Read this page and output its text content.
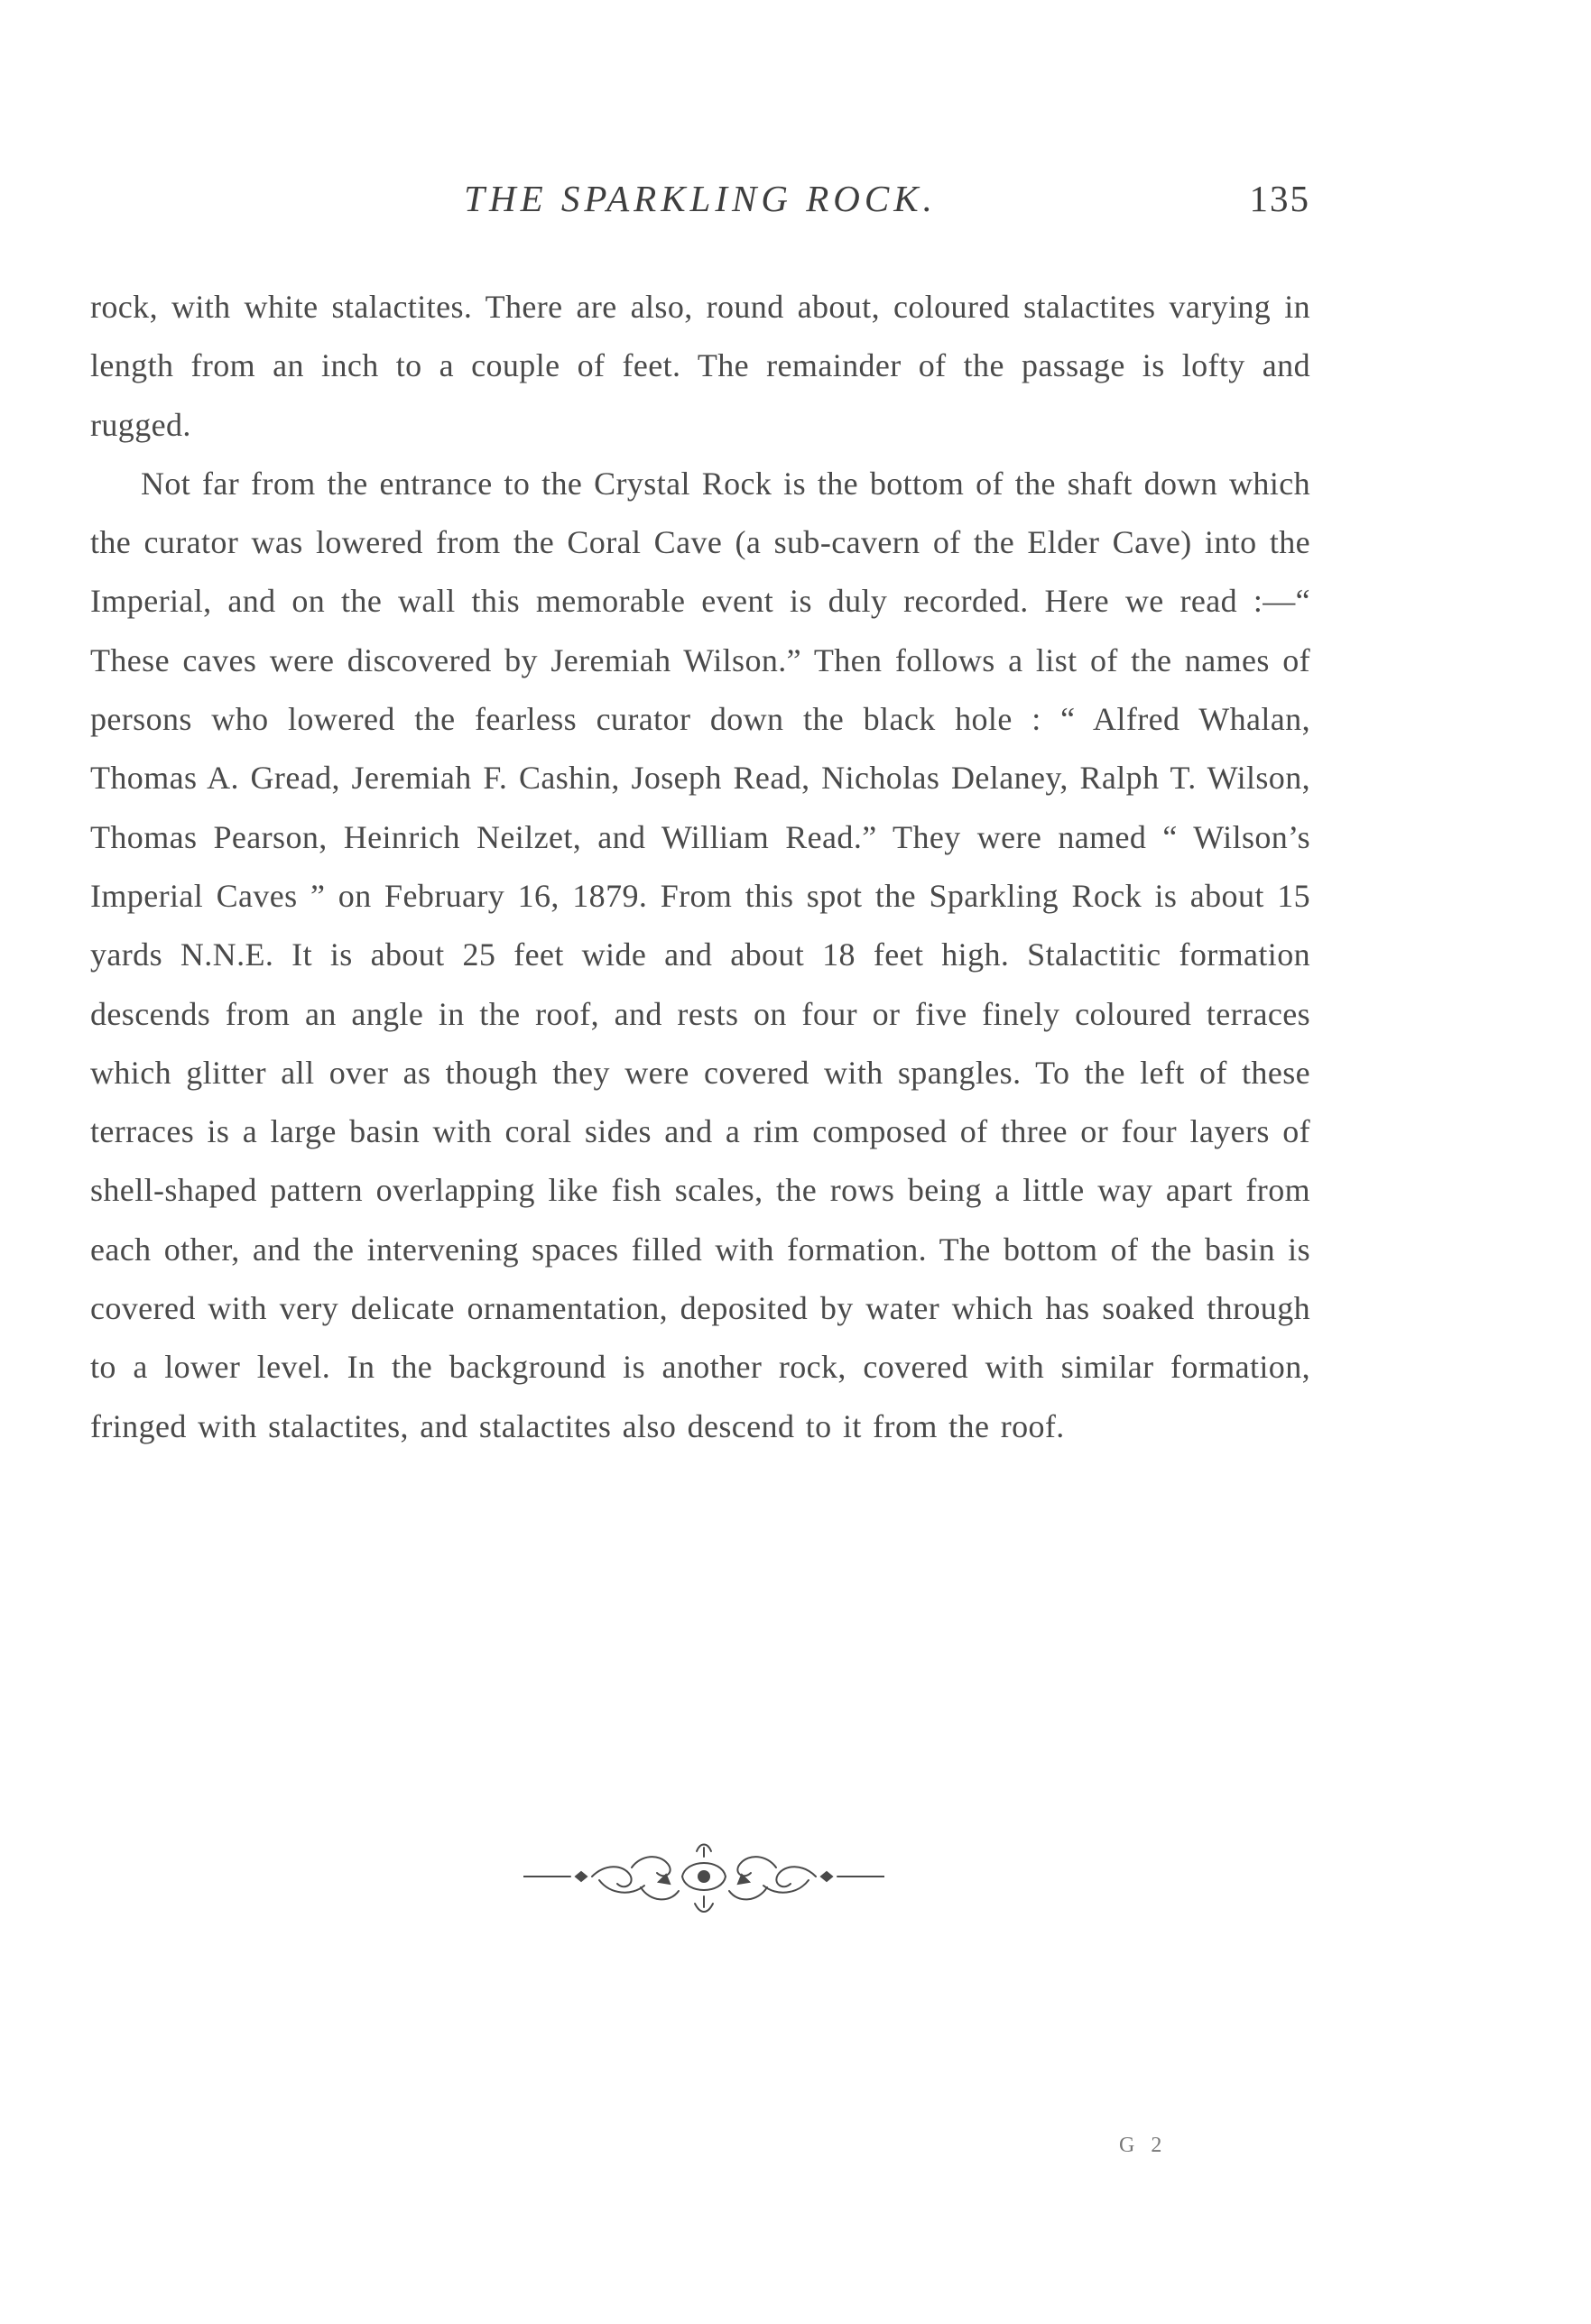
THE SPARKLING ROCK.	135

rock, with white stalactites. There are also, round about, coloured stalactites varying in length from an inch to a couple of feet. The remainder of the passage is lofty and rugged.

Not far from the entrance to the Crystal Rock is the bottom of the shaft down which the curator was lowered from the Coral Cave (a sub-cavern of the Elder Cave) into the Imperial, and on the wall this memorable event is duly recorded. Here we read :—“ These caves were discovered by Jeremiah Wilson.” Then follows a list of the names of persons who lowered the fearless curator down the black hole : “ Alfred Whalan, Thomas A. Gread, Jeremiah F. Cashin, Joseph Read, Nicholas Delaney, Ralph T. Wilson, Thomas Pearson, Heinrich Neilzet, and William Read.” They were named “ Wilson’s Imperial Caves ” on February 16, 1879. From this spot the Sparkling Rock is about 15 yards N.N.E. It is about 25 feet wide and about 18 feet high. Stalactitic formation descends from an angle in the roof, and rests on four or five finely coloured terraces which glitter all over as though they were covered with spangles. To the left of these terraces is a large basin with coral sides and a rim composed of three or four layers of shell-shaped pattern overlapping like fish scales, the rows being a little way apart from each other, and the intervening spaces filled with formation. The bottom of the basin is covered with very delicate ornamentation, deposited by water which has soaked through to a lower level. In the background is another rock, covered with similar formation, fringed with stalactites, and stalactites also descend to it from the roof.

G 2
